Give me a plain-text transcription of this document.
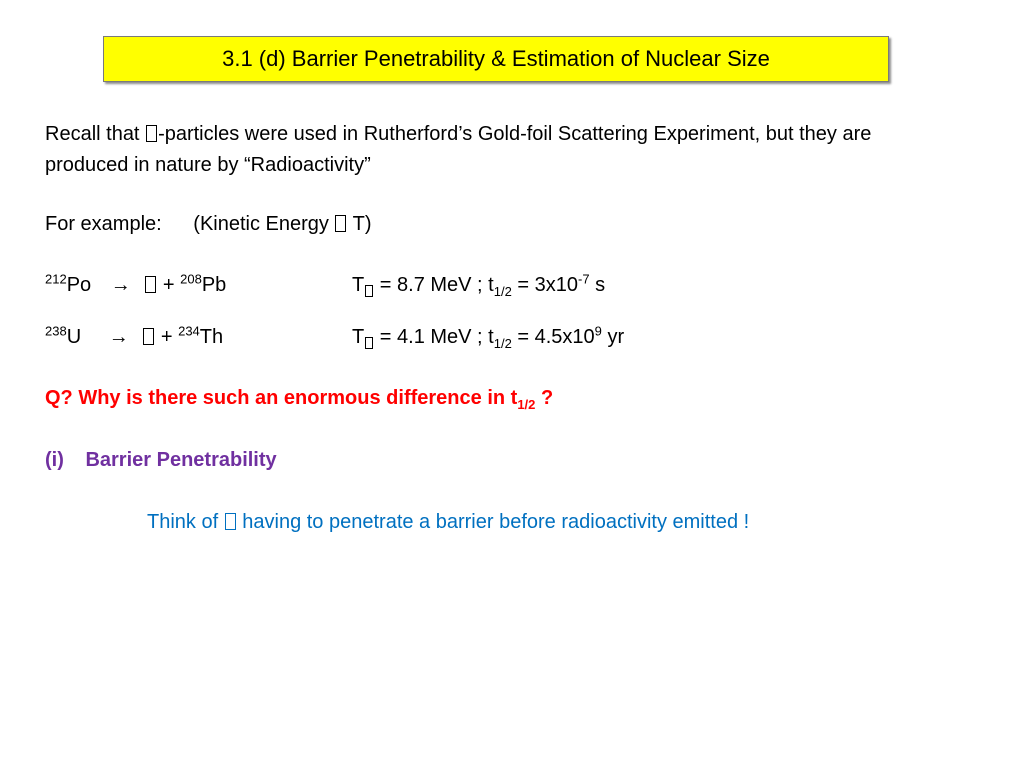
3.1 (d) Barrier Penetrability & Estimation of Nuclear Size
Recall that -particles were used in Rutherford’s Gold-foil Scattering Experiment, but they are produced in nature by “Radioactivity”
For example: (Kinetic Energy  T)
$^{212}$Po → + $^{208}$Pb	T = 8.7 MeV ; $t_{1/2} = 3x10^{-7}$ s
$^{238}$U → + $^{234}$Th	T = 4.1 MeV ; $t_{1/2} = 4.5x10^9$ yr
Q? Why is there such an enormous difference in $t_{1/2}$ ?
(i) Barrier Penetrability
Think of  having to penetrate a barrier before radioactivity emitted !
